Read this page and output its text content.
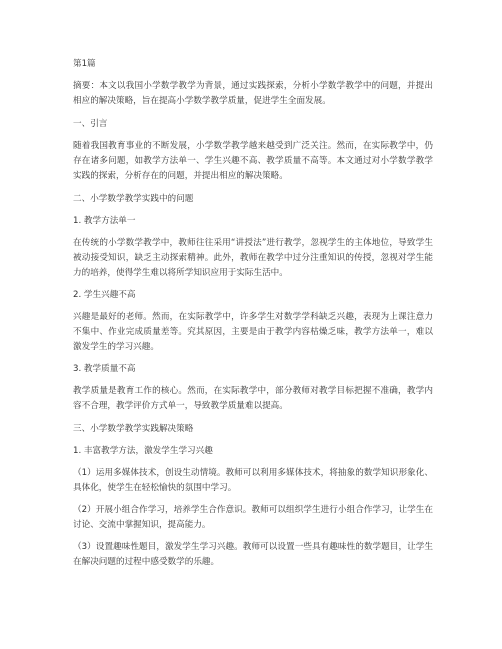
第1篇

摘要：本文以我国小学数学教学为背景，通过实践探索，分析小学数学教学中的问题，并提出相应的解决策略，旨在提高小学数学教学质量，促进学生全面发展。

一、引言

随着我国教育事业的不断发展，小学数学教学越来越受到广泛关注。然而，在实际教学中，仍存在诸多问题，如教学方法单一、学生兴趣不高、教学质量不高等。本文通过对小学数学教学实践的探索，分析存在的问题，并提出相应的解决策略。

二、小学数学教学实践中的问题

1. 教学方法单一

在传统的小学数学教学中，教师往往采用“讲授法”进行教学，忽视学生的主体地位，导致学生被动接受知识，缺乏主动探索精神。此外，教师在教学中过分注重知识的传授，忽视对学生能力的培养，使得学生难以将所学知识应用于实际生活中。

2. 学生兴趣不高

兴趣是最好的老师。然而，在实际教学中，许多学生对数学学科缺乏兴趣，表现为上课注意力不集中、作业完成质量差等。究其原因，主要是由于教学内容枯燥乏味，教学方法单一，难以激发学生的学习兴趣。

3. 教学质量不高

教学质量是教育工作的核心。然而，在实际教学中，部分教师对教学目标把握不准确，教学内容不合理，教学评价方式单一，导致教学质量难以提高。

三、小学数学教学实践解决策略

1. 丰富教学方法，激发学生学习兴趣

（1）运用多媒体技术，创设生动情境。教师可以利用多媒体技术，将抽象的数学知识形象化、具体化，使学生在轻松愉快的氛围中学习。

（2）开展小组合作学习，培养学生合作意识。教师可以组织学生进行小组合作学习，让学生在讨论、交流中掌握知识，提高能力。

（3）设置趣味性题目，激发学生学习兴趣。教师可以设置一些具有趣味性的数学题目，让学生在解决问题的过程中感受数学的乐趣。
